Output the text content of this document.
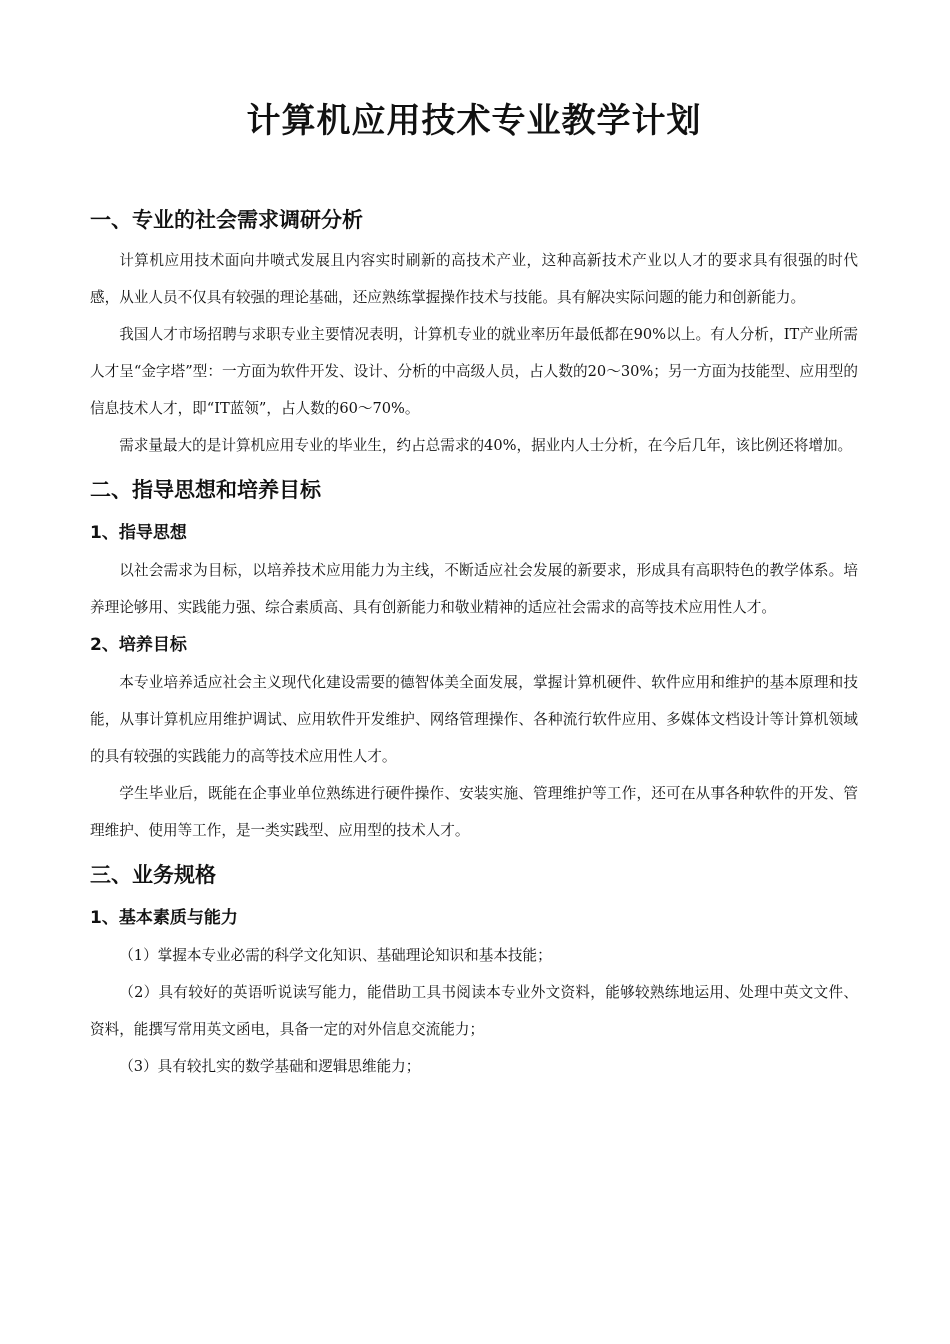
计算机应用技术专业教学计划
一、专业的社会需求调研分析

计算机应用技术面向井喷式发展且内容实时刷新的高技术产业，这种高新技术产业以人才的要求具有很强的时代感，从业人员不仅具有较强的理论基础，还应熟练掌握操作技术与技能。具有解决实际问题的能力和创新能力。

我国人才市场招聘与求职专业主要情况表明，计算机专业的就业率历年最低都在90%以上。有人分析，IT产业所需人才呈“金字塔”型：一方面为软件开发、设计、分析的中高级人员，占人数的20～30%；另一方面为技能型、应用型的信息技术人才，即“IT蓝领”，占人数的60～70%。

需求量最大的是计算机应用专业的毕业生，约占总需求的40%，据业内人士分析，在今后几年，该比例还将增加。

二、指导思想和培养目标
1、指导思想

以社会需求为目标，以培养技术应用能力为主线，不断适应社会发展的新要求，形成具有高职特色的教学体系。培养理论够用、实践能力强、综合素质高、具有创新能力和敬业精神的适应社会需求的高等技术应用性人才。

2、培养目标

本专业培养适应社会主义现代化建设需要的德智体美全面发展，掌握计算机硬件、软件应用和维护的基本原理和技能，从事计算机应用维护调试、应用软件开发维护、网络管理操作、各种流行软件应用、多媒体文档设计等计算机领域的具有较强的实践能力的高等技术应用性人才。

学生毕业后，既能在企事业单位熟练进行硬件操作、安装实施、管理维护等工作，还可在从事各种软件的开发、管理维护、使用等工作，是一类实践型、应用型的技术人才。

三、业务规格
1、基本素质与能力

（1）掌握本专业必需的科学文化知识、基础理论知识和基本技能；

（2）具有较好的英语听说读写能力，能借助工具书阅读本专业外文资料，能够较熟练地运用、处理中英文文件、资料，能撰写常用英文函电，具备一定的对外信息交流能力；

（3）具有较扎实的数学基础和逻辑思维能力；
